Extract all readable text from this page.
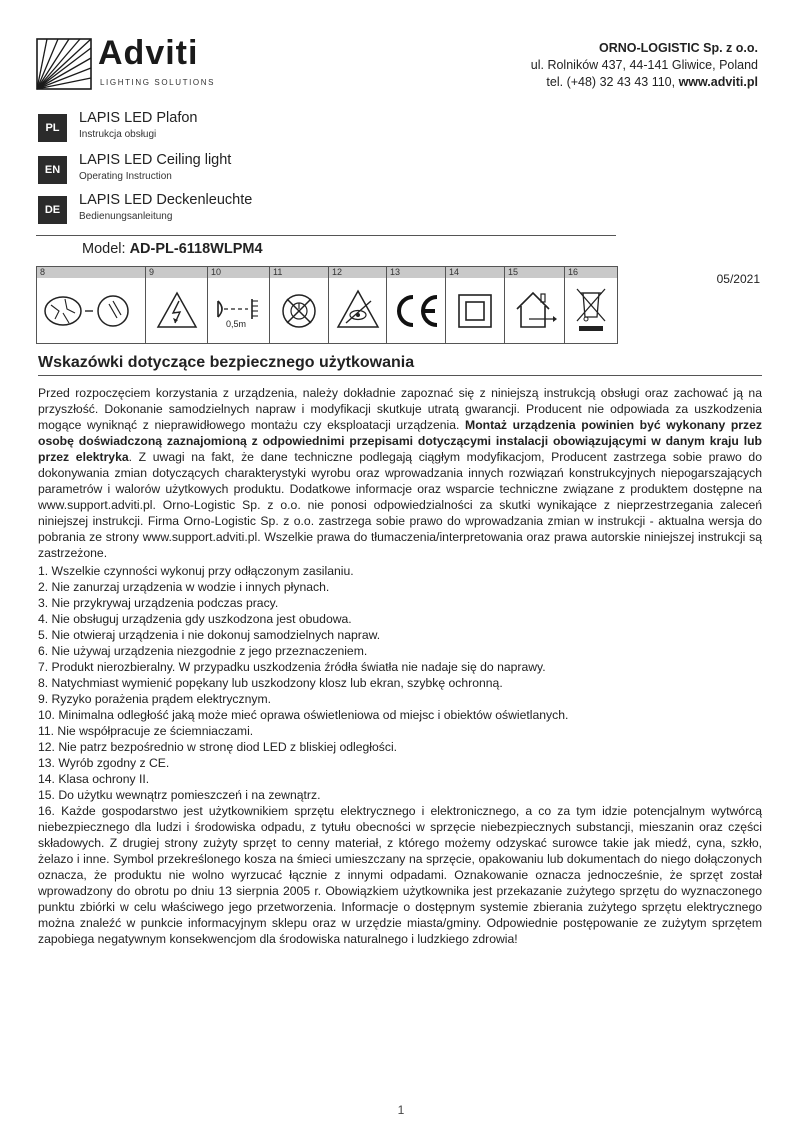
Adviti
LIGHTING SOLUTIONS
ORNO-LOGISTIC Sp. z o.o.
ul. Rolników 437, 44-141 Gliwice, Poland
tel. (+48) 32 43 43 110, www.adviti.pl
PL
LAPIS LED Plafon
Instrukcja obsługi
EN
LAPIS LED Ceiling light
Operating Instruction
DE
LAPIS LED Deckenleuchte
Bedienungsanleitung
Model: AD-PL-6118WLPM4
8	9	10
0,5m
11	12	13	14	15	16	05/2021
Wskazówki dotyczące bezpiecznego użytkowania
Przed rozpoczęciem korzystania z urządzenia, należy dokładnie zapoznać się z niniejszą instrukcją obsługi oraz zachować ją na przyszłość. Dokonanie samodzielnych napraw i modyfikacji skutkuje utratą gwarancji. Producent nie odpowiada za uszkodzenia mogące wyniknąć z nieprawidłowego montażu czy eksploatacji urządzenia. Montaż urządzenia powinien być wykonany przez osobę doświadczoną zaznajomioną z odpowiednimi przepisami dotyczącymi instalacji obowiązującymi w danym kraju lub przez elektryka. Z uwagi na fakt, że dane techniczne podlegają ciągłym modyfikacjom, Producent zastrzega sobie prawo do dokonywania zmian dotyczących charakterystyki wyrobu oraz wprowadzania innych rozwiązań konstrukcyjnych niepogarszających parametrów i walorów użytkowych produktu. Dodatkowe informacje oraz wsparcie techniczne związane z produktem dostępne na www.support.adviti.pl. Orno-Logistic Sp. z o.o. nie ponosi odpowiedzialności za skutki wynikające z nieprzestrzegania zaleceń niniejszej instrukcji. Firma Orno-Logistic Sp. z o.o. zastrzega sobie prawo do wprowadzania zmian w instrukcji - aktualna wersja do pobrania ze strony www.support.adviti.pl. Wszelkie prawa do tłumaczenia/interpretowania oraz prawa autorskie niniejszej instrukcji są zastrzeżone.
1. Wszelkie czynności wykonuj przy odłączonym zasilaniu.
2. Nie zanurzaj urządzenia w wodzie i innych płynach.
3. Nie przykrywaj urządzenia podczas pracy.
4. Nie obsługuj urządzenia gdy uszkodzona jest obudowa.
5. Nie otwieraj urządzenia i nie dokonuj samodzielnych napraw.
6. Nie używaj urządzenia niezgodnie z jego przeznaczeniem.
7. Produkt nierozbieralny. W przypadku uszkodzenia źródła światła nie nadaje się do naprawy.
8. Natychmiast wymienić popękany lub uszkodzony klosz lub ekran, szybkę ochronną.
9. Ryzyko porażenia prądem elektrycznym.
10. Minimalna odległość jaką może mieć oprawa oświetleniowa od miejsc i obiektów oświetlanych.
11. Nie współpracuje ze ściemniaczami.
12. Nie patrz bezpośrednio w stronę diod LED z bliskiej odległości.
13. Wyrób zgodny z CE.
14. Klasa ochrony II.
15. Do użytku wewnątrz pomieszczeń i na zewnątrz.
16. Każde gospodarstwo jest użytkownikiem sprzętu elektrycznego i elektronicznego, a co za tym idzie potencjalnym wytwórcą niebezpiecznego dla ludzi i środowiska odpadu, z tytułu obecności w sprzęcie niebezpiecznych substancji, mieszanin oraz części składowych. Z drugiej strony zużyty sprzęt to cenny materiał, z którego możemy odzyskać surowce takie jak miedź, cyna, szkło, żelazo i inne. Symbol przekreślonego kosza na śmieci umieszczany na sprzęcie, opakowaniu lub dokumentach do niego dołączonych oznacza, że produktu nie wolno wyrzucać łącznie z innymi odpadami. Oznakowanie oznacza jednocześnie, że sprzęt został wprowadzony do obrotu po dniu 13 sierpnia 2005 r. Obowiązkiem użytkownika jest przekazanie zużytego sprzętu do wyznaczonego punktu zbiórki w celu właściwego jego przetworzenia. Informacje o dostępnym systemie zbierania zużytego sprzętu elektrycznego można znaleźć w punkcie informacyjnym sklepu oraz w urzędzie miasta/gminy. Odpowiednie postępowanie ze zużytym sprzętem zapobiega negatywnym konsekwencjom dla środowiska naturalnego i ludzkiego zdrowia!
1
